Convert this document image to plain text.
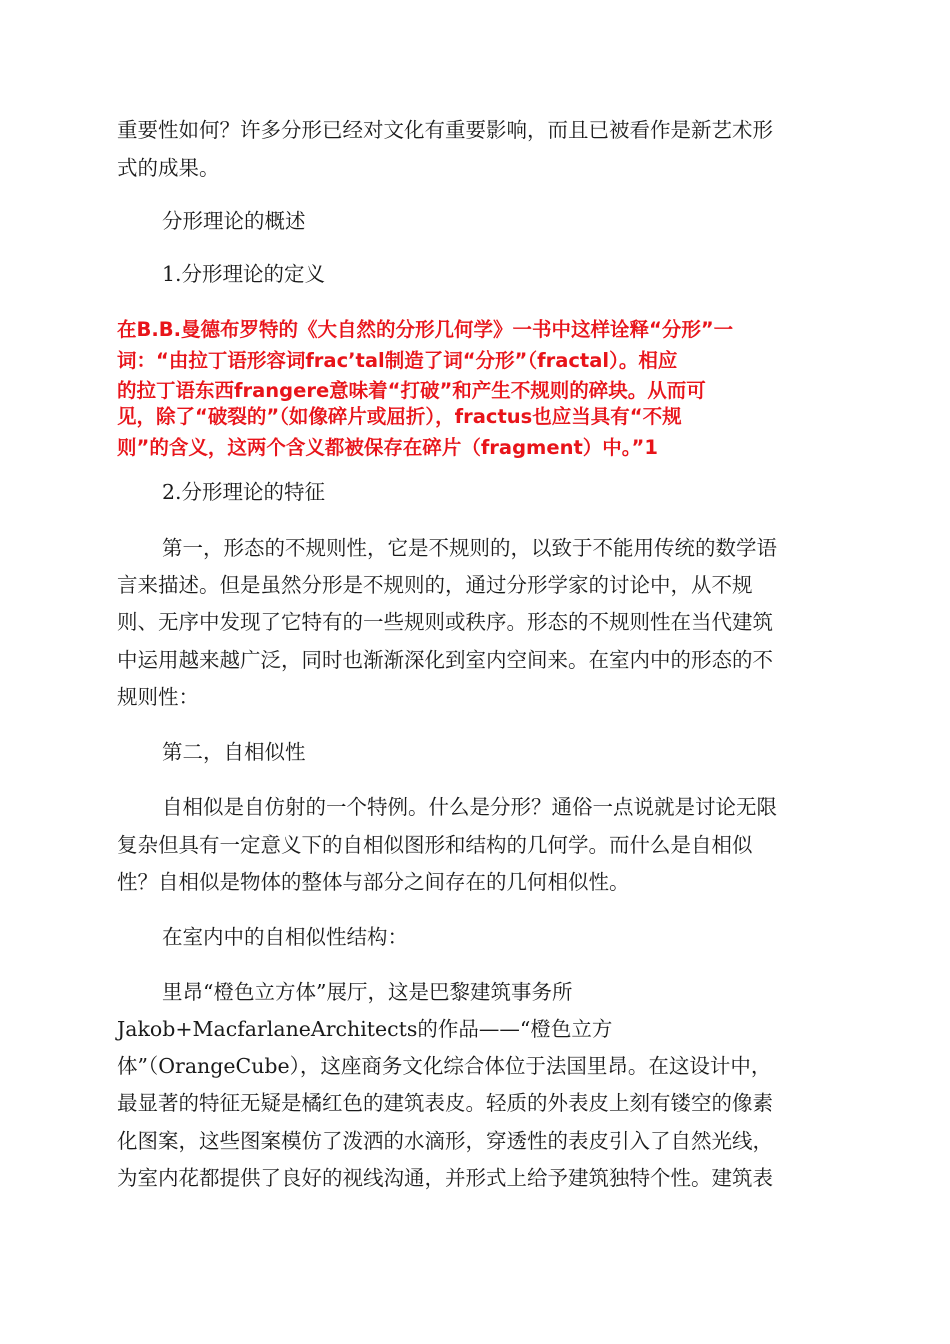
重要性如何？许多分形已经对文化有重要影响，而且已被看作是新艺术形
式的成果。
分形理论的概述
1.分形理论的定义
在B.B.曼德布罗特的《大自然的分形几何学》一书中这样诠释“分形”一
词：“由拉丁语形容词frac’tal制造了词“分形”（fractal）。相应
的拉丁语东西frangere意味着“打破”和产生不规则的碎块。从而可
见，除了“破裂的”（如像碎片或屈折），fractus也应当具有“不规
则”的含义，这两个含义都被保存在碎片（fragment）中。”1
2.分形理论的特征
第一，形态的不规则性，它是不规则的，以致于不能用传统的数学语
言来描述。但是虽然分形是不规则的，通过分形学家的讨论中，从不规
则、无序中发现了它特有的一些规则或秩序。形态的不规则性在当代建筑
中运用越来越广泛，同时也渐渐深化到室内空间来。在室内中的形态的不
规则性：
第二，自相似性
自相似是自仿射的一个特例。什么是分形？通俗一点说就是讨论无限
复杂但具有一定意义下的自相似图形和结构的几何学。而什么是自相似
性？自相似是物体的整体与部分之间存在的几何相似性。
在室内中的自相似性结构：
里昂“橙色立方体”展厅，这是巴黎建筑事务所
Jakob+MacfarlaneArchitects的作品——“橙色立方
体”（OrangeCube），这座商务文化综合体位于法国里昂。在这设计中，
最显著的特征无疑是橘红色的建筑表皮。轻质的外表皮上刻有镂空的像素
化图案，这些图案模仿了泼洒的水滴形，穿透性的表皮引入了自然光线，
为室内花都提供了良好的视线沟通，并形式上给予建筑独特个性。建筑表
